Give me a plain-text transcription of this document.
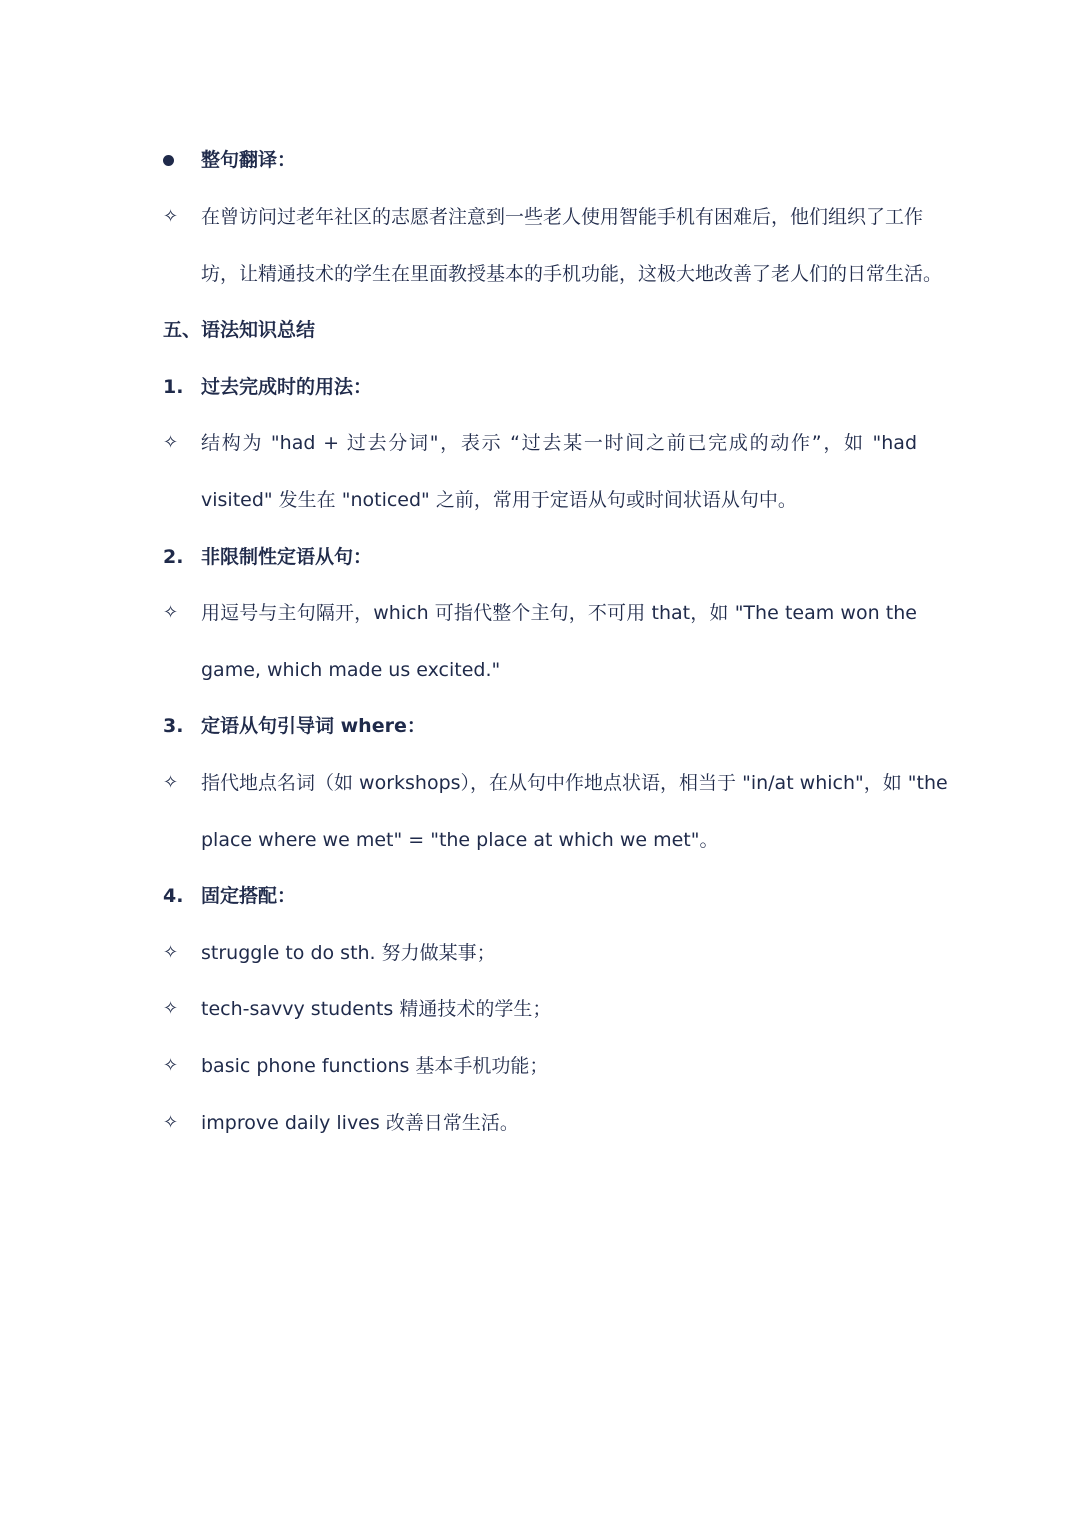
整句翻译：
✧	在曾访问过老年社区的志愿者注意到一些老人使用智能手机有困难后，他们组织了工作
坊，让精通技术的学生在里面教授基本的手机功能，这极大地改善了老人们的日常生活。
五、语法知识总结
1. 过去完成时的用法：
✧	结构为 "had + 过去分词"，表示 “过去某一时间之前已完成的动作”，如 "had
visited" 发生在 "noticed" 之前，常用于定语从句或时间状语从句中。
2. 非限制性定语从句：
✧	用逗号与主句隔开，which 可指代整个主句，不可用 that，如 "The team won the
game, which made us excited."
3. 定语从句引导词 where：
✧	指代地点名词（如 workshops），在从句中作地点状语，相当于 "in/at which"，如 "the
place where we met" = "the place at which we met"。
4. 固定搭配：
✧	struggle to do sth. 努力做某事；
✧	tech-savvy students 精通技术的学生；
✧	basic phone functions 基本手机功能；
✧	improve daily lives 改善日常生活。
